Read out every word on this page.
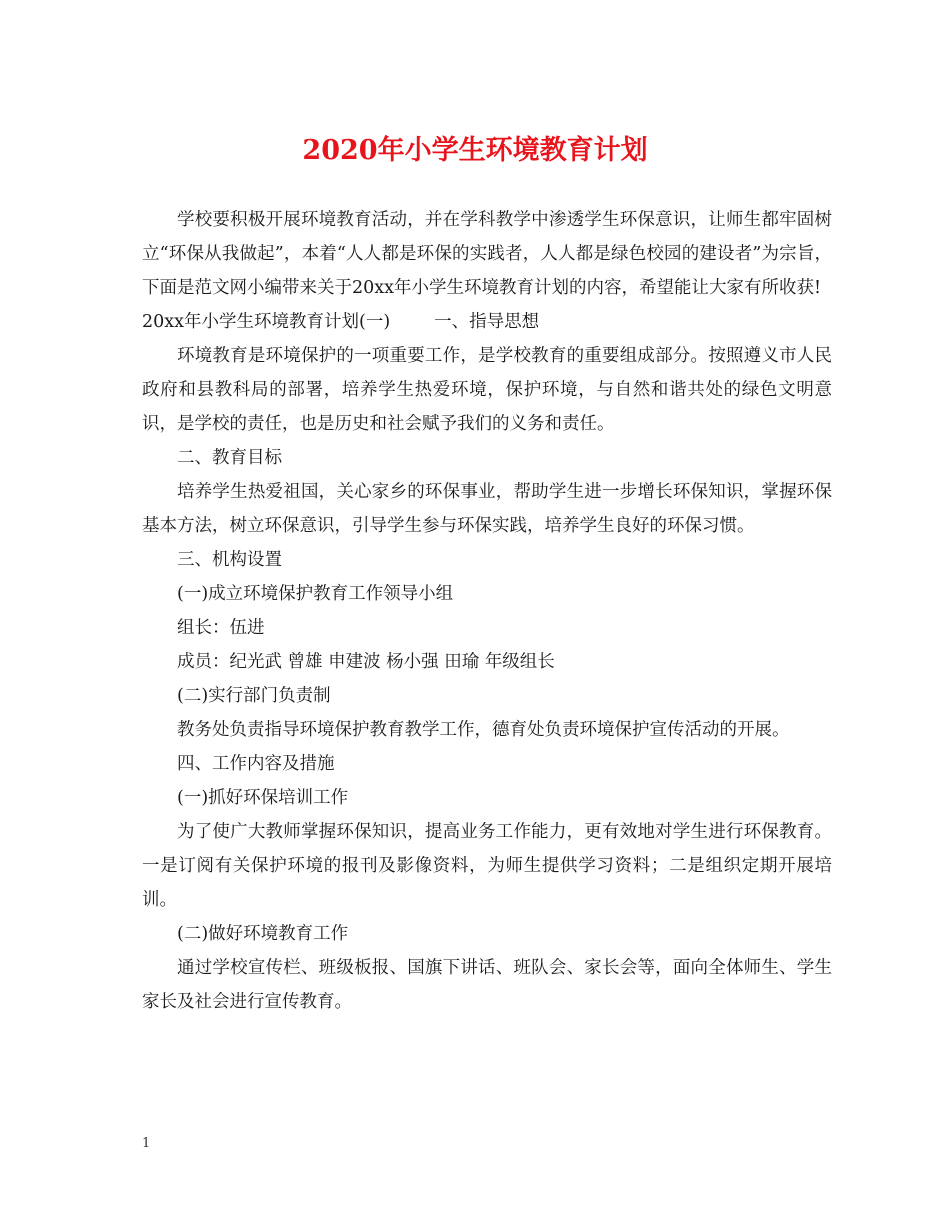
2020年小学生环境教育计划

学校要积极开展环境教育活动，并在学科教学中渗透学生环保意识，让师生都牢固树立“环保从我做起”，本着“人人都是环保的实践者，人人都是绿色校园的建设者”为宗旨，下面是范文网小编带来关于20xx年小学生环境教育计划的内容，希望能让大家有所收获!

20xx年小学生环境教育计划(一)	一、指导思想

环境教育是环境保护的一项重要工作，是学校教育的重要组成部分。按照遵义市人民政府和县教科局的部署，培养学生热爱环境，保护环境，与自然和谐共处的绿色文明意识，是学校的责任，也是历史和社会赋予我们的义务和责任。

二、教育目标

培养学生热爱祖国，关心家乡的环保事业，帮助学生进一步增长环保知识，掌握环保基本方法，树立环保意识，引导学生参与环保实践，培养学生良好的环保习惯。

三、机构设置

(一)成立环境保护教育工作领导小组

组长：伍进

成员：纪光武 曾雄 申建波 杨小强 田瑜 年级组长

(二)实行部门负责制

教务处负责指导环境保护教育教学工作，德育处负责环境保护宣传活动的开展。

四、工作内容及措施

(一)抓好环保培训工作

为了使广大教师掌握环保知识，提高业务工作能力，更有效地对学生进行环保教育。一是订阅有关保护环境的报刊及影像资料，为师生提供学习资料；二是组织定期开展培训。

(二)做好环境教育工作

通过学校宣传栏、班级板报、国旗下讲话、班队会、家长会等，面向全体师生、学生家长及社会进行宣传教育。

1
